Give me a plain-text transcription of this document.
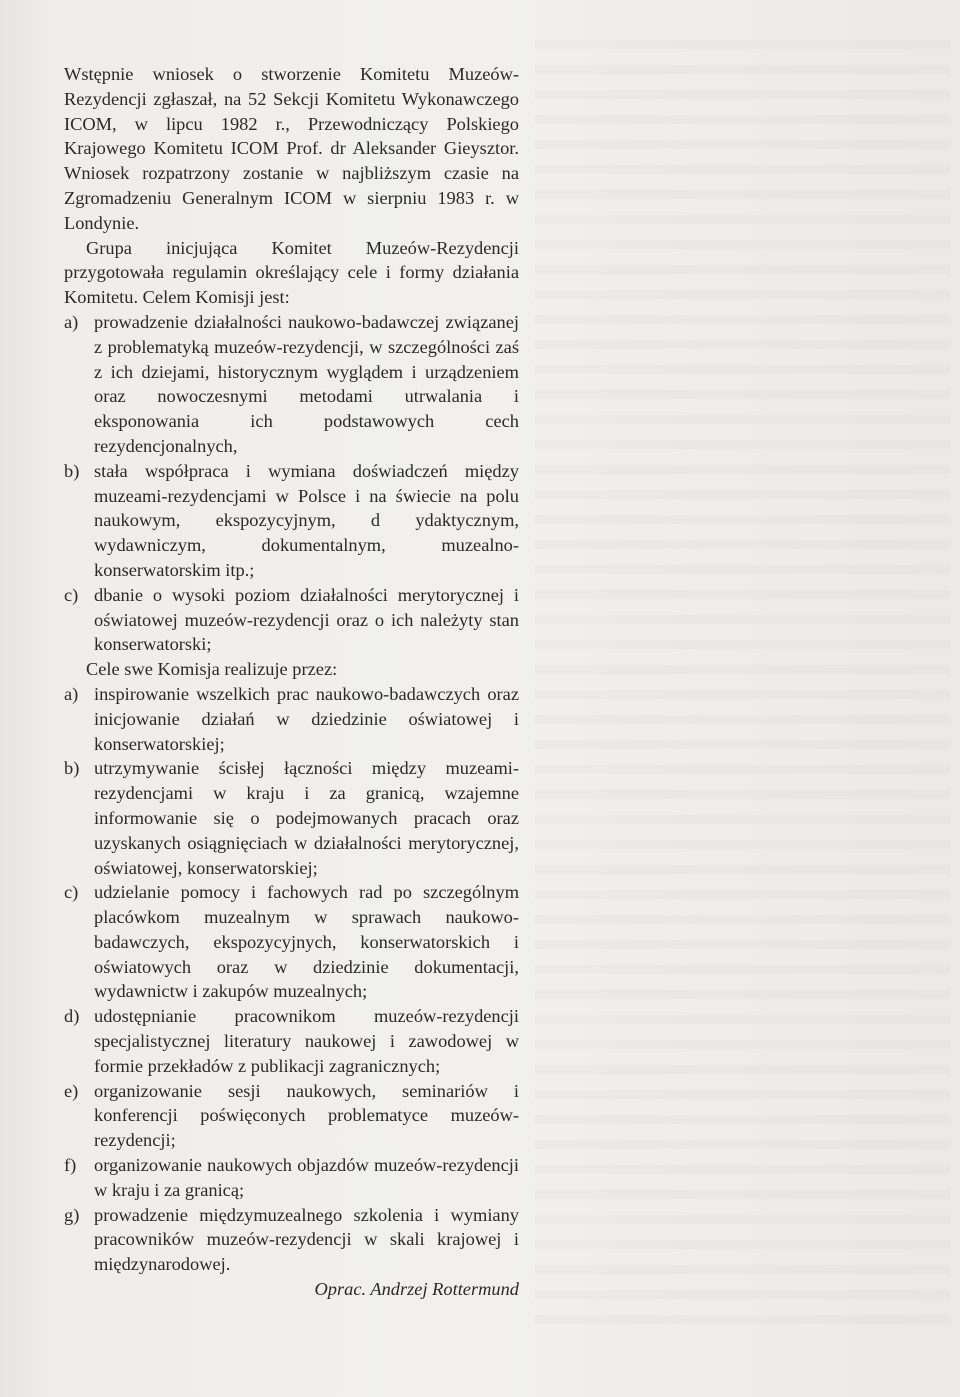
Wstępnie wniosek o stworzenie Komitetu Muzeów-Rezydencji zgłaszał, na 52 Sekcji Komitetu Wykonawczego ICOM, w lipcu 1982 r., Przewodniczący Polskiego Krajowego Komitetu ICOM Prof. dr Aleksander Gieysztor. Wniosek rozpatrzony zostanie w najbliższym czasie na Zgromadzeniu Generalnym ICOM w sierpniu 1983 r. w Londynie.

Grupa inicjująca Komitet Muzeów-Rezydencji przygotowała regulamin określający cele i formy działania Komitetu. Celem Komisji jest:

a) prowadzenie działalności naukowo-badawczej związanej z problematyką muzeów-rezydencji, w szczególności zaś z ich dziejami, historycznym wyglądem i urządzeniem oraz nowoczesnymi metodami utrwalania i eksponowania ich podstawowych cech rezydencjonalnych,
b) stała współpraca i wymiana doświadczeń między muzeami-rezydencjami w Polsce i na świecie na polu naukowym, ekspozycyjnym, d ydaktycznym, wydawniczym, dokumentalnym, muzealno-konserwatorskim itp.;
c) dbanie o wysoki poziom działalności merytorycznej i oświatowej muzeów-rezydencji oraz o ich należyty stan konserwatorski;

Cele swe Komisja realizuje przez:

a) inspirowanie wszelkich prac naukowo-badawczych oraz inicjowanie działań w dziedzinie oświatowej i konserwatorskiej;
b) utrzymywanie ścisłej łączności między muzeami-rezydencjami w kraju i za granicą, wzajemne informowanie się o podejmowanych pracach oraz uzyskanych osiągnięciach w działalności merytorycznej, oświatowej, konserwatorskiej;
c) udzielanie pomocy i fachowych rad po szczególnym placówkom muzealnym w sprawach naukowo-badawczych, ekspozycyjnych, konserwatorskich i oświatowych oraz w dziedzinie dokumentacji, wydawnictw i zakupów muzealnych;
d) udostępnianie pracownikom muzeów-rezydencji specjalistycznej literatury naukowej i zawodowej w formie przekładów z publikacji zagranicznych;
e) organizowanie sesji naukowych, seminariów i konferencji poświęconych problematyce muzeów-rezydencji;
f) organizowanie naukowych objazdów muzeów-rezydencji w kraju i za granicą;
g) prowadzenie międzymuzealnego szkolenia i wymiany pracowników muzeów-rezydencji w skali krajowej i międzynarodowej.

Oprac. Andrzej Rottermund
